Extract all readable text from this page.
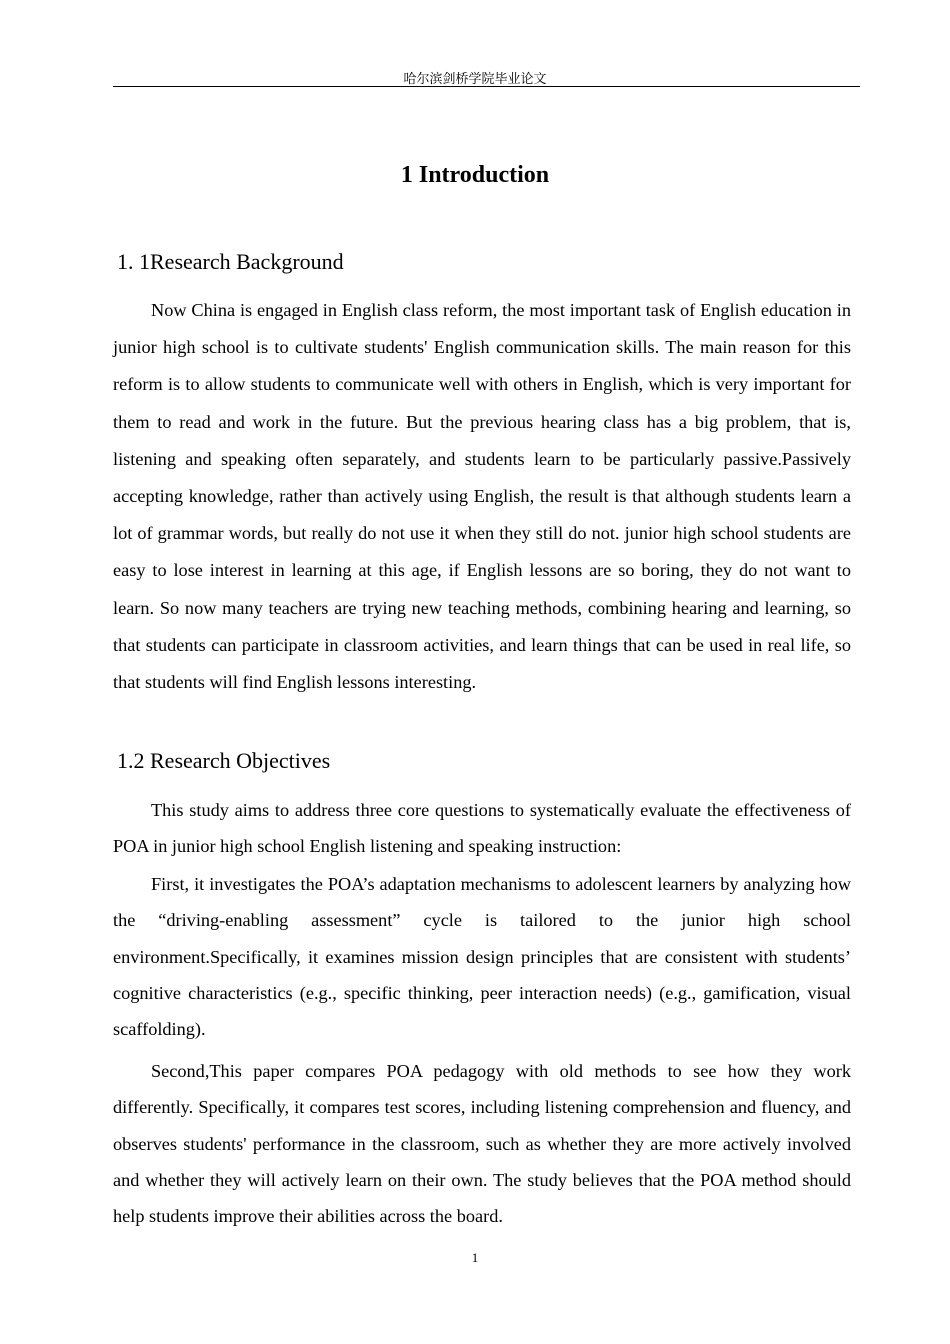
哈尔滨剑桥学院毕业论文
1 Introduction
1. 1Research Background

Now China is engaged in English class reform, the most important task of English education in junior high school is to cultivate students' English communication skills. The main reason for this reform is to allow students to communicate well with others in English, which is very important for them to read and work in the future. But the previous hearing class has a big problem, that is, listening and speaking often separately, and students learn to be particularly passive.Passively accepting knowledge, rather than actively using English, the result is that although students learn a lot of grammar words, but really do not use it when they still do not. junior high school students are easy to lose interest in learning at this age, if English lessons are so boring, they do not want to learn. So now many teachers are trying new teaching methods, combining hearing and learning, so that students can participate in classroom activities, and learn things that can be used in real life, so that students will find English lessons interesting.

1.2 Research Objectives

This study aims to address three core questions to systematically evaluate the effectiveness of POA in junior high school English listening and speaking instruction:

First, it investigates the POA’s adaptation mechanisms to adolescent learners by analyzing how the “driving-enabling assessment” cycle is tailored to the junior high school environment.Specifically, it examines mission design principles that are consistent with students’ cognitive characteristics (e.g., specific thinking, peer interaction needs) (e.g., gamification, visual scaffolding).

Second,This paper compares POA pedagogy with old methods to see how they work differently. Specifically, it compares test scores, including listening comprehension and fluency, and observes students' performance in the classroom, such as whether they are more actively involved and whether they will actively learn on their own. The study believes that the POA method should help students improve their abilities across the board.

1
